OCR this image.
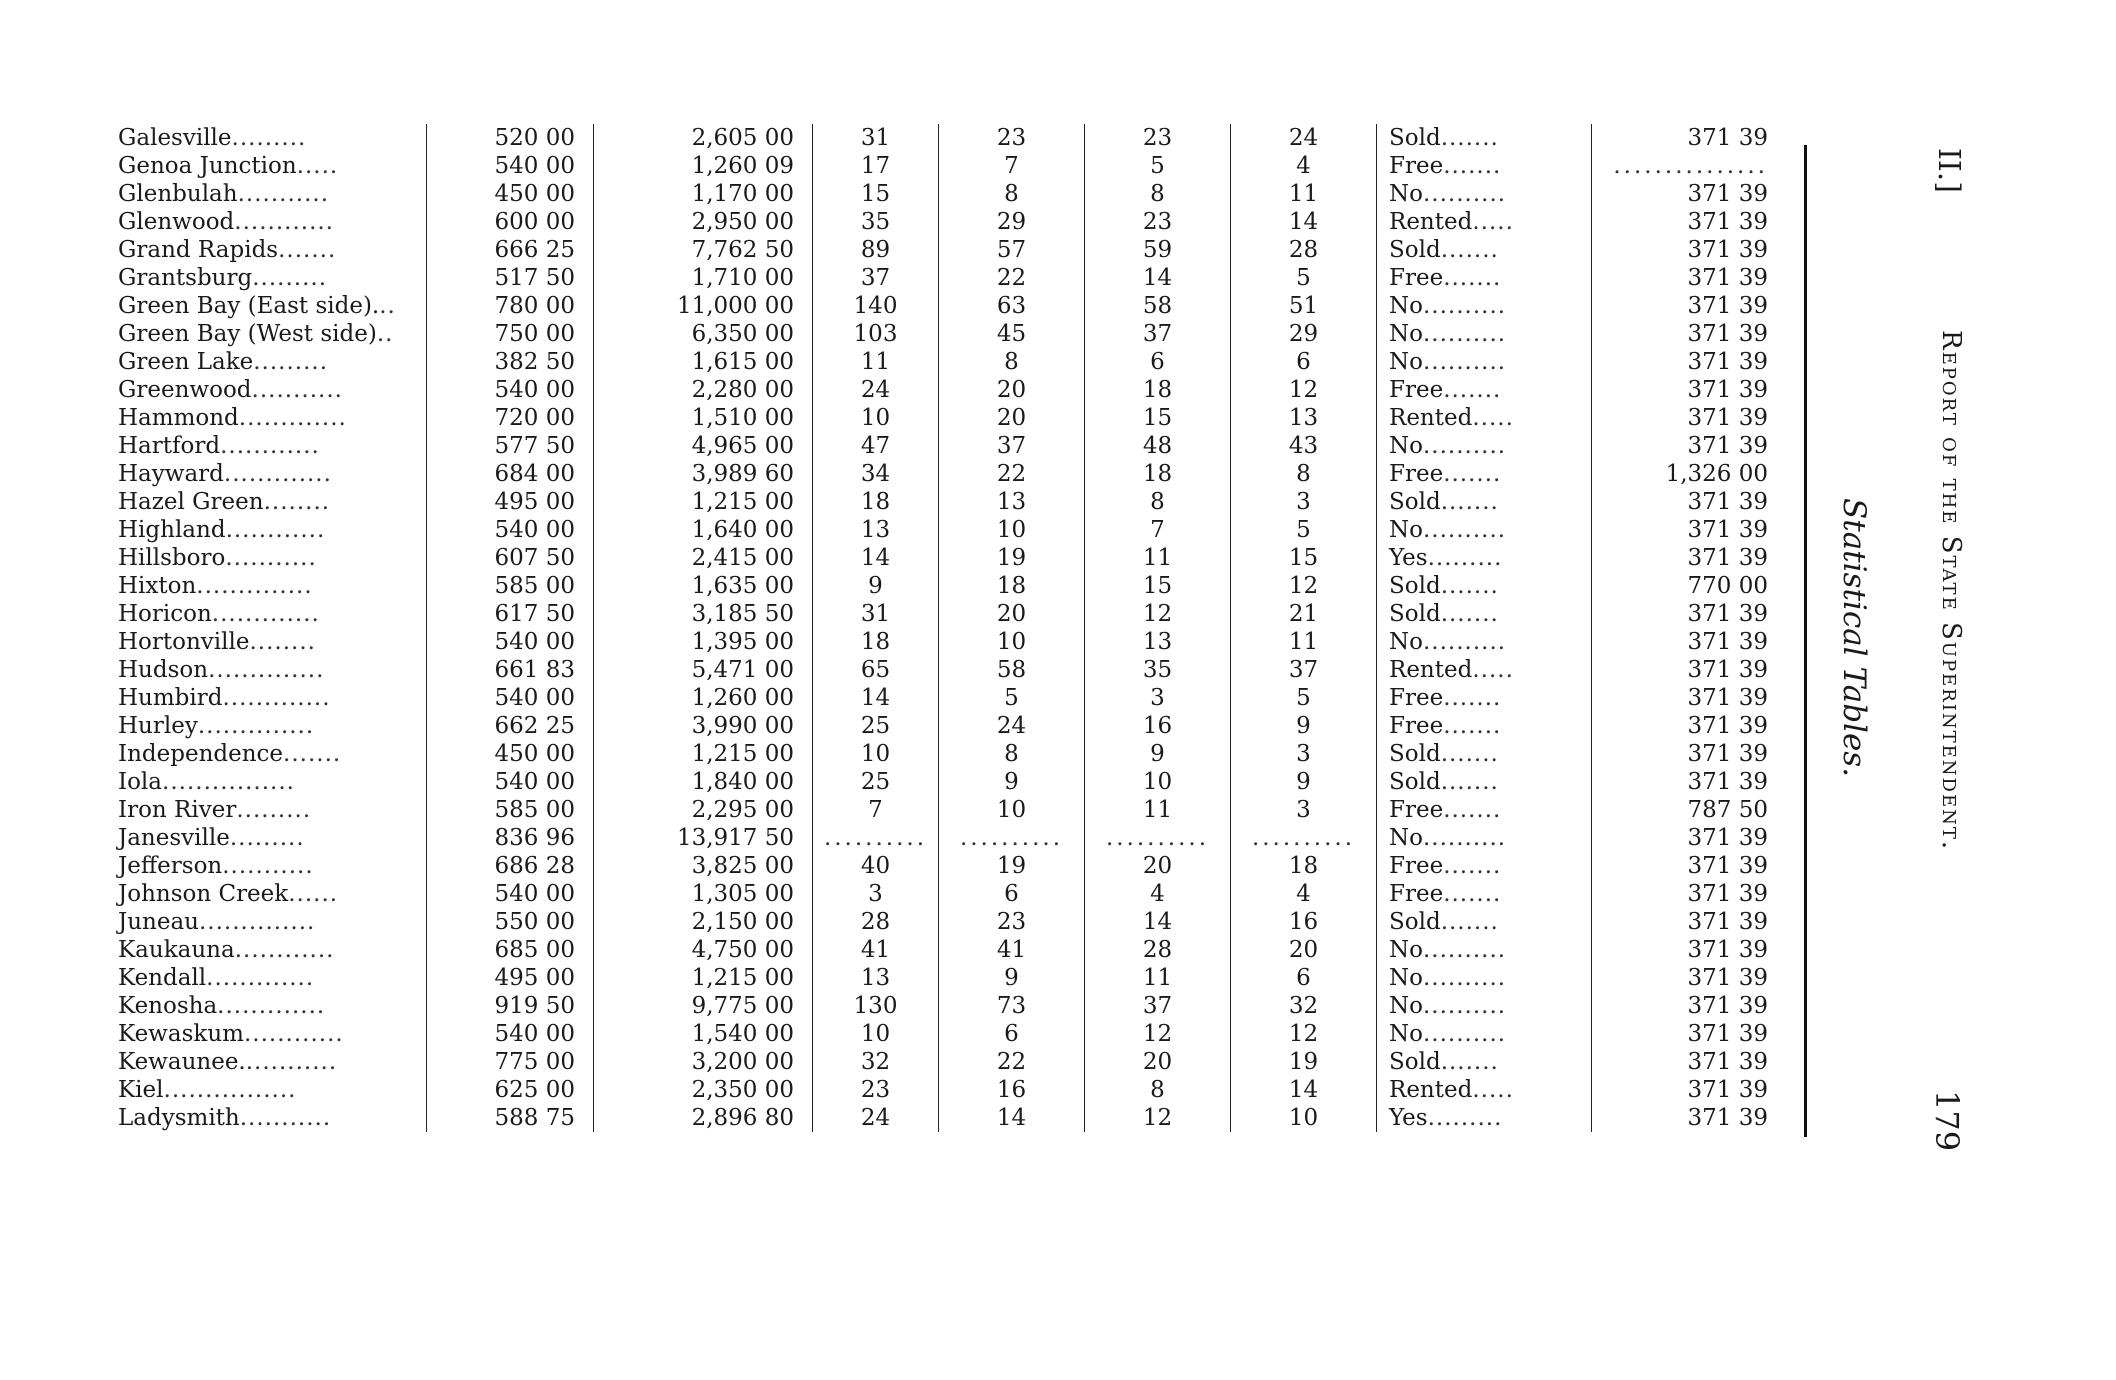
Galesville.........	520 00	2,605 00	31	23	23	24	Sold.......	371 39
Genoa Junction.....	540 00	1,260 09	17	7	5	4	Free.......	...............
Glenbulah...........	450 00	1,170 00	15	8	8	11	No..........	371 39
Glenwood............	600 00	2,950 00	35	29	23	14	Rented.....	371 39
Grand Rapids.......	666 25	7,762 50	89	57	59	28	Sold.......	371 39
Grantsburg.........	517 50	1,710 00	37	22	14	5	Free.......	371 39
Green Bay (East side)...	780 00	11,000 00	140	63	58	51	No..........	371 39
Green Bay (West side)..	750 00	6,350 00	103	45	37	29	No..........	371 39
Green Lake.........	382 50	1,615 00	11	8	6	6	No..........	371 39
Greenwood...........	540 00	2,280 00	24	20	18	12	Free.......	371 39
Hammond.............	720 00	1,510 00	10	20	15	13	Rented.....	371 39
Hartford............	577 50	4,965 00	47	37	48	43	No..........	371 39
Hayward.............	684 00	3,989 60	34	22	18	8	Free.......	1,326 00
Hazel Green........	495 00	1,215 00	18	13	8	3	Sold.......	371 39
Highland............	540 00	1,640 00	13	10	7	5	No..........	371 39
Hillsboro...........	607 50	2,415 00	14	19	11	15	Yes.........	371 39
Hixton..............	585 00	1,635 00	9	18	15	12	Sold.......	770 00
Horicon.............	617 50	3,185 50	31	20	12	21	Sold.......	371 39
Hortonville........	540 00	1,395 00	18	10	13	11	No..........	371 39
Hudson..............	661 83	5,471 00	65	58	35	37	Rented.....	371 39
Humbird.............	540 00	1,260 00	14	5	3	5	Free.......	371 39
Hurley..............	662 25	3,990 00	25	24	16	9	Free.......	371 39
Independence.......	450 00	1,215 00	10	8	9	3	Sold.......	371 39
Iola................	540 00	1,840 00	25	9	10	9	Sold.......	371 39
Iron River.........	585 00	2,295 00	7	10	11	3	Free.......	787 50
Janesville.........	836 96	13,917 50	..........	..........	..........	..........	No..........	371 39
Jefferson...........	686 28	3,825 00	40	19	20	18	Free.......	371 39
Johnson Creek......	540 00	1,305 00	3	6	4	4	Free.......	371 39
Juneau..............	550 00	2,150 00	28	23	14	16	Sold.......	371 39
Kaukauna............	685 00	4,750 00	41	41	28	20	No..........	371 39
Kendall.............	495 00	1,215 00	13	9	11	6	No..........	371 39
Kenosha.............	919 50	9,775 00	130	73	37	32	No..........	371 39
Kewaskum............	540 00	1,540 00	10	6	12	12	No..........	371 39
Kewaunee............	775 00	3,200 00	32	22	20	19	Sold.......	371 39
Kiel................	625 00	2,350 00	23	16	8	14	Rented.....	371 39
Ladysmith...........	588 75	2,896 80	24	14	12	10	Yes.........	371 39
Statistical Tables.
II.]
Report of the State Superintendent.
179
